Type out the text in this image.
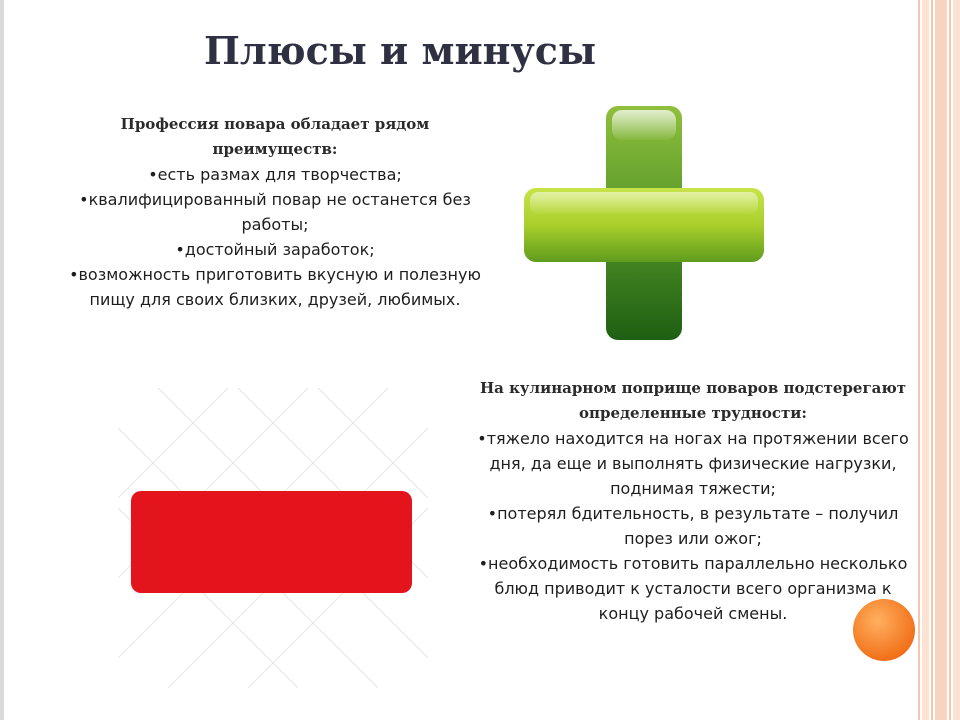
Плюсы и минусы
Профессия повара обладает рядом преимуществ:
•есть размах для творчества;
•квалифицированный повар не останется без работы;
•достойный заработок;
•возможность приготовить вкусную и полезную пищу для своих близких, друзей, любимых.
На кулинарном поприще поваров подстерегают определенные трудности:
•тяжело находится на ногах на протяжении всего дня, да еще и выполнять физические нагрузки, поднимая тяжести;
•потерял бдительность, в результате – получил порез или ожог;
•необходимость готовить параллельно несколько блюд приводит к усталости всего организма к концу рабочей смены.
